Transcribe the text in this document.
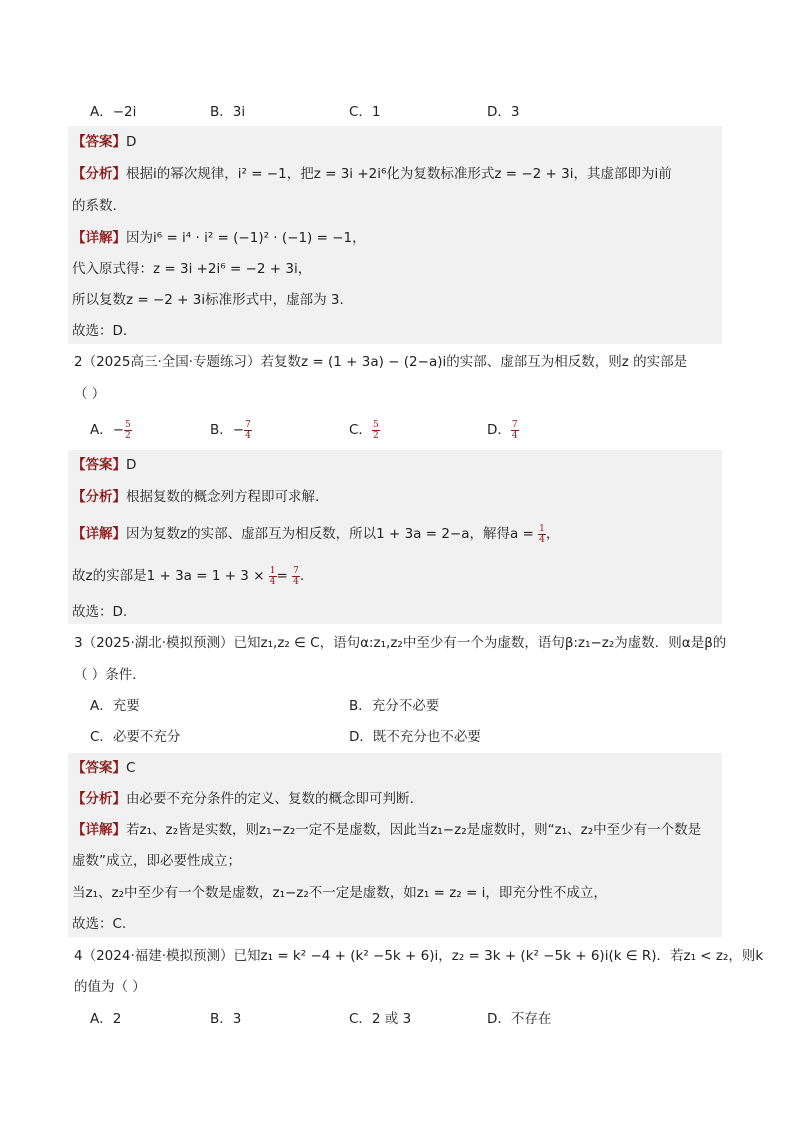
A．−2i	B．3i	C．1	D．3
【答案】D
【分析】根据i的幂次规律，i² = −1，把z = 3i +2i⁶化为复数标准形式z = −2 + 3i，其虚部即为i前
的系数.
【详解】因为i⁶ = i⁴ · i² = (−1)² · (−1) = −1，
代入原式得：z = 3i +2i⁶ = −2 + 3i，
所以复数z = −2 + 3i标准形式中，虚部为 3.
故选：D.
2（2025高三·全国·专题练习）若复数z = (1 + 3a) − (2−a)i的实部、虚部互为相反数，则z 的实部是
（ ）
A．− $\frac{5}{2}$	B．− $\frac{7}{4}$	C． $\frac{5}{2}$	D． $\frac{7}{4}$
【答案】D
【分析】根据复数的概念列方程即可求解.
【详解】因为复数z的实部、虚部互为相反数，所以1 + 3a = 2−a，解得$a = \frac{1}{4}$ ，
故z的实部是$1 + 3a = 1 + 3 \times \frac{1}{4} = \frac{7}{4}$ .
故选：D.
3（2025·湖北·模拟预测）已知z₁,z₂ ∈ C，语句α:z₁,z₂中至少有一个为虚数，语句β:z₁−z₂为虚数．则α是β的
（ ）条件．
A．充要	B．充分不必要
C．必要不充分	D．既不充分也不必要
【答案】C
【分析】由必要不充分条件的定义、复数的概念即可判断.
【详解】若z₁、z₂皆是实数，则z₁−z₂一定不是虚数，因此当z₁−z₂是虚数时，则“z₁、z₂中至少有一个数是
虚数”成立，即必要性成立；
当z₁、z₂中至少有一个数是虚数，z₁−z₂不一定是虚数，如z₁ = z₂ = i，即充分性不成立，
故选：C.
4（2024·福建·模拟预测）已知z₁ = k² −4 + (k² −5k + 6)i，z₂ = 3k + (k² −5k + 6)i(k ∈ R)．若z₁ < z₂，则k
的值为（ ）
A．2	B．3	C．2 或 3	D．不存在
